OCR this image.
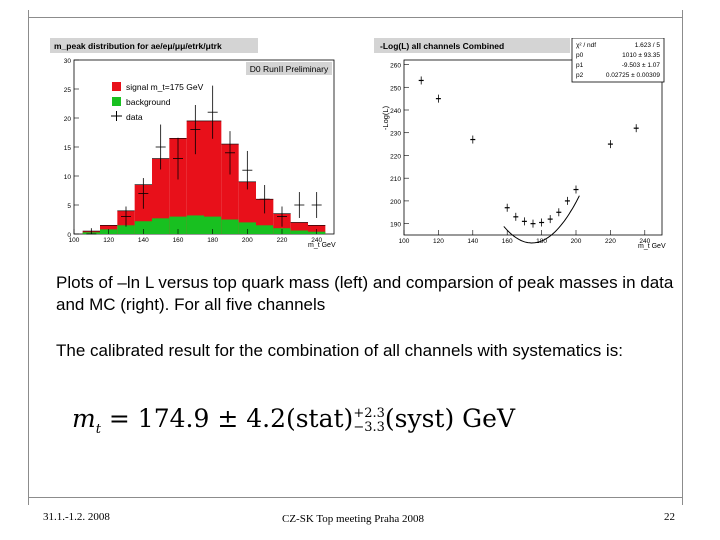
m_peak distribution for ae/eμ/μμ/etrk/μtrk
D0 RunII Preliminary
0
5
10
15
20
25
30
100	120	140	160	180	200	220	240
signal m_t=175 GeV
background
data
m_t GeV
-Log(L) all channels Combined
-Log(L)
190
200
210
220
230
240
250
260
100	120	140	160	180	200	220	240
χ² / ndf	1.623 / 5
p0	1010 ± 93.35
p1	-9.503 ± 1.07
p2	0.02725 ± 0.00309
m_t GeV
Plots of –ln L versus top quark mass (left) and comparsion of peak masses in data and MC (right). For all five channels
The calibrated result for the combination of all channels with systematics is:
$m_t = 174.9$ ± 4.2(stat) +2.3
−3.3 (syst) GeV
31.1.-1.2. 2008	CZ-SK Top meeting Praha 2008	22
